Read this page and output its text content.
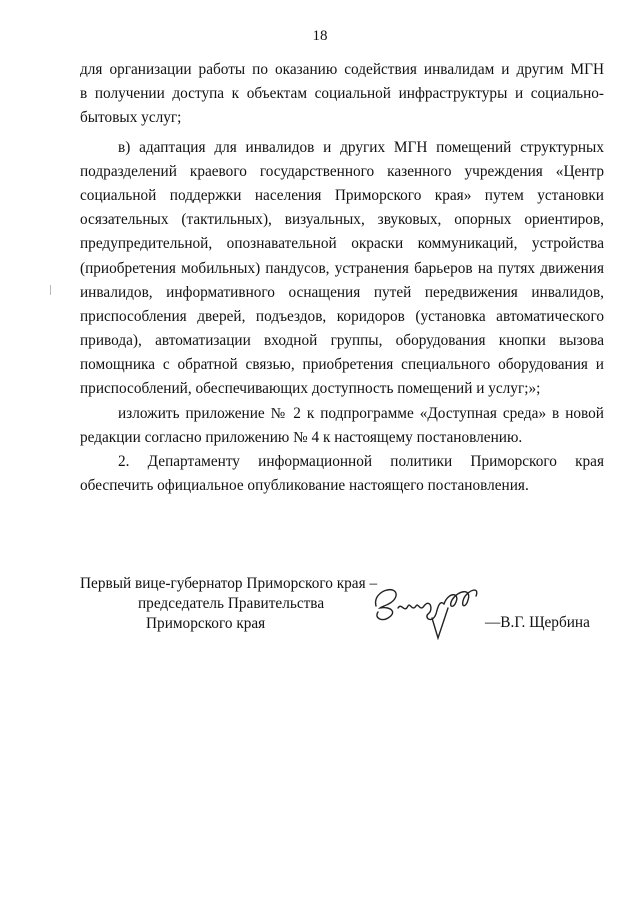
18
для организации работы по оказанию содействия инвалидам и другим МГН
в получении доступа к объектам социальной инфраструктуры и социально-
бытовых услуг;
в) адаптация для инвалидов и других МГН помещений структурных
подразделений краевого государственного казенного учреждения «Центр
социальной поддержки населения Приморского края» путем установки
осязательных (тактильных), визуальных, звуковых, опорных ориентиров,
предупредительной, опознавательной окраски коммуникаций, устройства
(приобретения мобильных) пандусов, устранения барьеров на путях движения
инвалидов, информативного оснащения путей передвижения инвалидов,
приспособления дверей, подъездов, коридоров (установка автоматического
привода), автоматизации входной группы, оборудования кнопки вызова
помощника с обратной связью, приобретения специального оборудования и
приспособлений, обеспечивающих доступность помещений и услуг;»;
изложить приложение № 2 к подпрограмме «Доступная среда» в новой
редакции согласно приложению № 4 к настоящему постановлению.
2. Департаменту информационной политики Приморского края
обеспечить официальное опубликование настоящего постановления.
Первый вице-губернатор Приморского края –
председатель Правительства
Приморского края	—В.Г. Щербина
